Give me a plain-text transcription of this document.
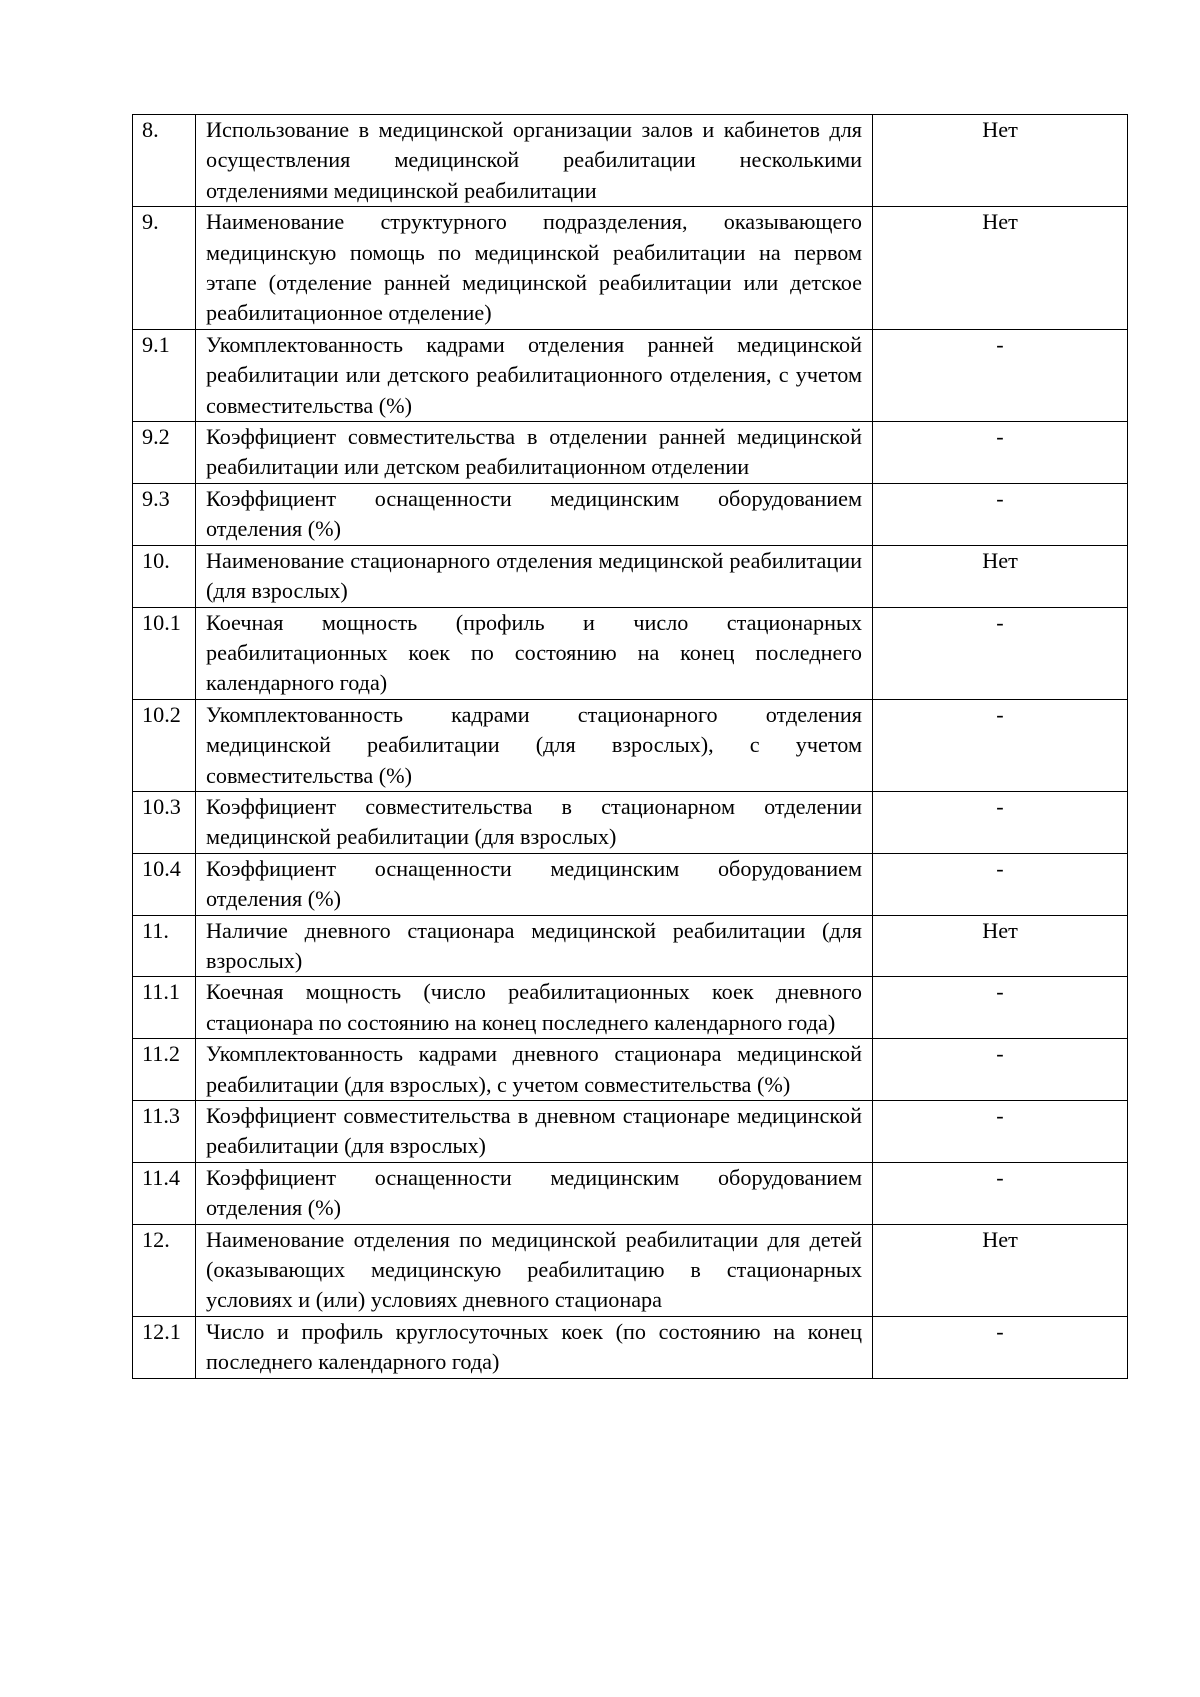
8.	Использование в медицинской организации залов и кабинетов для осуществления медицинской реабилитации несколькими отделениями медицинской реабилитации	Нет
9.	Наименование структурного подразделения, оказывающего медицинскую помощь по медицинской реабилитации на первом этапе (отделение ранней медицинской реабилитации или детское реабилитационное отделение)	Нет
9.1	Укомплектованность кадрами отделения ранней медицинской реабилитации или детского реабилитационного отделения, с учетом совместительства (%)	-
9.2	Коэффициент совместительства в отделении ранней медицинской реабилитации или детском реабилитационном отделении	-
9.3	Коэффициент оснащенности медицинским оборудованием отделения (%)	-
10.	Наименование стационарного отделения медицинской реабилитации (для взрослых)	Нет
10.1	Коечная мощность (профиль и число стационарных реабилитационных коек по состоянию на конец последнего календарного года)	-
10.2	Укомплектованность кадрами стационарного отделения медицинской реабилитации (для взрослых), с учетом совместительства (%)	-
10.3	Коэффициент совместительства в стационарном отделении медицинской реабилитации (для взрослых)	-
10.4	Коэффициент оснащенности медицинским оборудованием отделения (%)	-
11.	Наличие дневного стационара медицинской реабилитации (для взрослых)	Нет
11.1	Коечная мощность (число реабилитационных коек дневного стационара по состоянию на конец последнего календарного года)	-
11.2	Укомплектованность кадрами дневного стационара медицинской реабилитации (для взрослых), с учетом совместительства (%)	-
11.3	Коэффициент совместительства в дневном стационаре медицинской реабилитации (для взрослых)	-
11.4	Коэффициент оснащенности медицинским оборудованием отделения (%)	-
12.	Наименование отделения по медицинской реабилитации для детей (оказывающих медицинскую реабилитацию в стационарных условиях и (или) условиях дневного стационара	Нет
12.1	Число и профиль круглосуточных коек (по состоянию на конец последнего календарного года)	-
